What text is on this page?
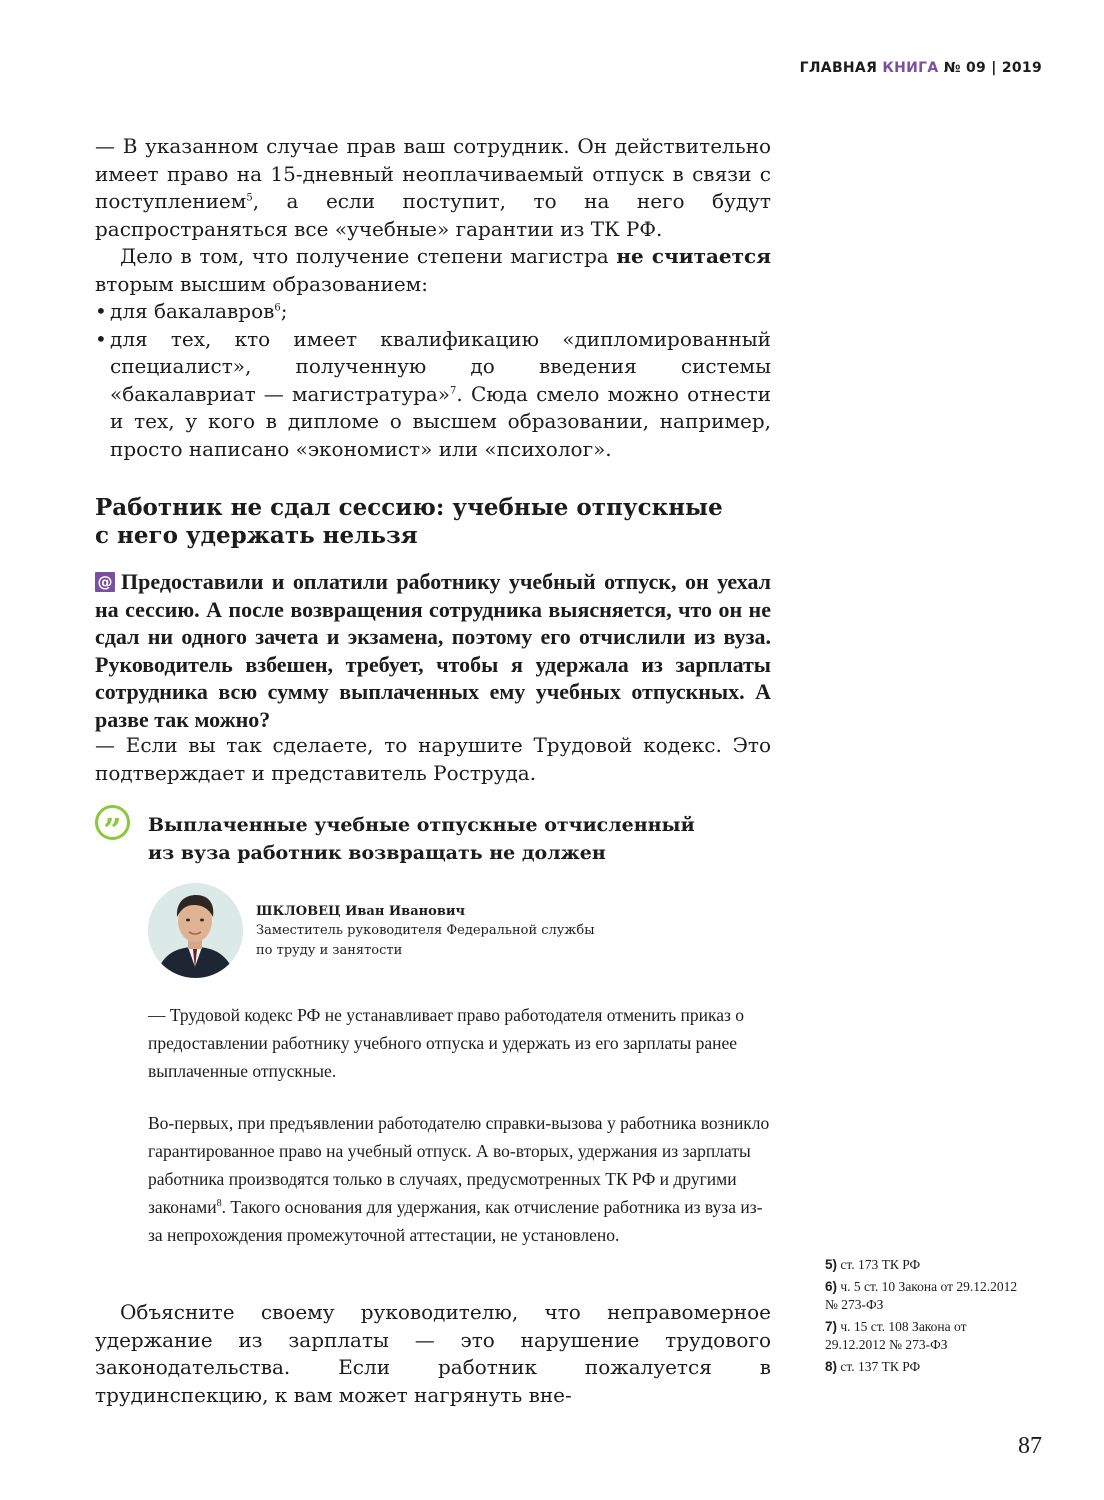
ГЛАВНАЯ КНИГА № 09 | 2019

— В указанном случае прав ваш сотрудник. Он действительно имеет право на 15-дневный неоплачиваемый отпуск в связи с поступлением$^5$, а если поступит, то на него будут распространяться все «учебные» гарантии из ТК РФ.

Дело в том, что получение степени магистра не считается вторым высшим образованием:

• для бакалавров$^6$;
• для тех, кто имеет квалификацию «дипломированный специалист», полученную до введения системы «бакалавриат — магистратура»$^7$. Сюда смело можно отнести и тех, у кого в дипломе о высшем образовании, например, просто написано «экономист» или «психолог».
Работник не сдал сессию: учебные отпускные
с него удержать нельзя

@ Предоставили и оплатили работнику учебный отпуск, он уехал на сессию. А после возвращения сотрудника выясняется, что он не сдал ни одного зачета и экзамена, поэтому его отчислили из вуза. Руководитель взбешен, требует, чтобы я удержала из зарплаты сотрудника всю сумму выплаченных ему учебных отпускных. А разве так можно?

— Если вы так сделаете, то нарушите Трудовой кодекс. Это подтверждает и представитель Роструда.

”	Выплаченные учебные отпускные отчисленный
из вуза работник возвращать не должен

ШКЛОВЕЦ Иван Иванович

Заместитель руководителя Федеральной службы
по труду и занятости

— Трудовой кодекс РФ не устанавливает право работодателя отменить приказ о предоставлении работнику учебного отпуска и удержать из его зарплаты ранее выплаченные отпускные.

Во-первых, при предъявлении работодателю справки-вызова у работника возникло гарантированное право на учебный отпуск. А во-вторых, удержания из зарплаты работника производятся только в случаях, предусмотренных ТК РФ и другими законами$^8$. Такого основания для удержания, как отчисление работника из вуза из-за непрохождения промежуточной аттестации, не установлено.

Объясните своему руководителю, что неправомерное удержание из зарплаты — это нарушение трудового законодательства. Если работник пожалуется в трудинспекцию, к вам может нагрянуть вне-

5) ст. 173 ТК РФ

6) ч. 5 ст. 10 Закона от 29.12.2012 № 273-ФЗ

7) ч. 15 ст. 108 Закона от 29.12.2012 № 273-ФЗ

8) ст. 137 ТК РФ

87
